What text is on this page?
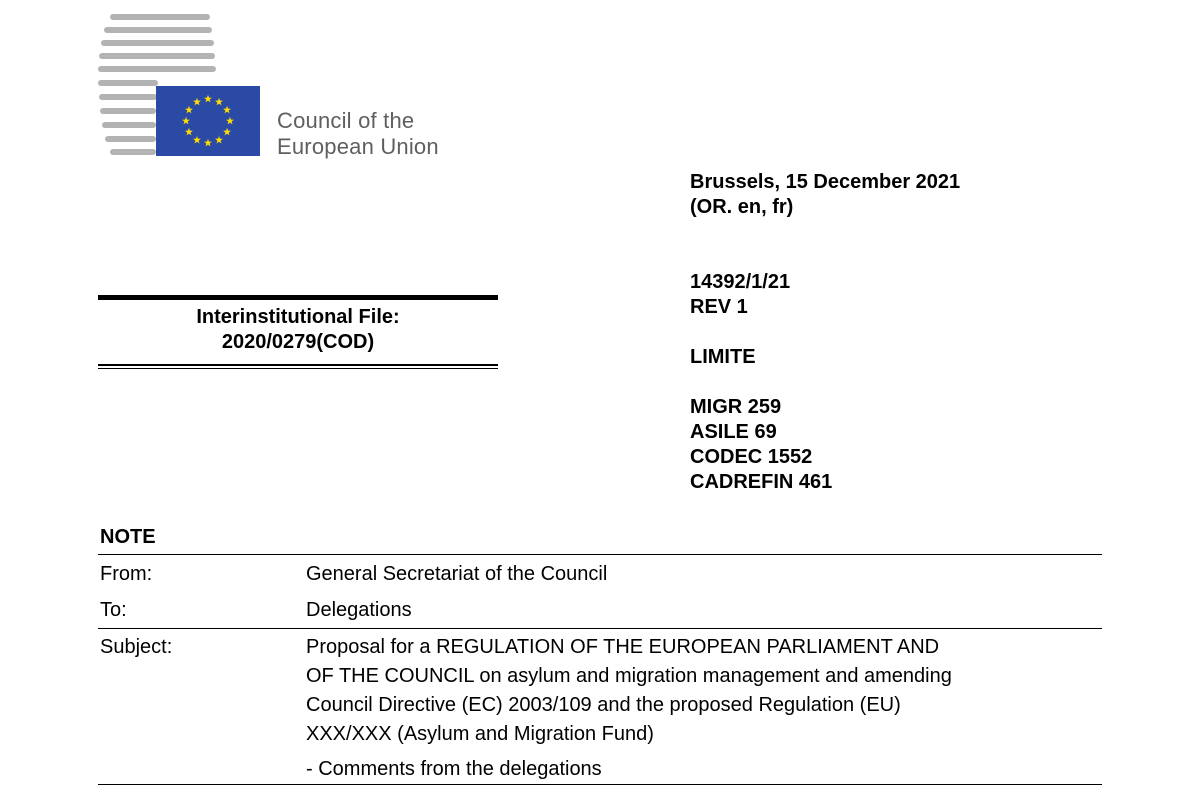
Council of the
European Union
Brussels, 15 December 2021
(OR. en, fr)
14392/1/21
REV 1
LIMITE
MIGR 259
ASILE 69
CODEC 1552
CADREFIN 461
Interinstitutional File:
2020/0279(COD)
NOTE
From:	General Secretariat of the Council
To:	Delegations
Subject:	Proposal for a REGULATION OF THE EUROPEAN PARLIAMENT AND
OF THE COUNCIL on asylum and migration management and amending
Council Directive (EC) 2003/109 and the proposed Regulation (EU)
XXX/XXX (Asylum and Migration Fund)
- Comments from the delegations
